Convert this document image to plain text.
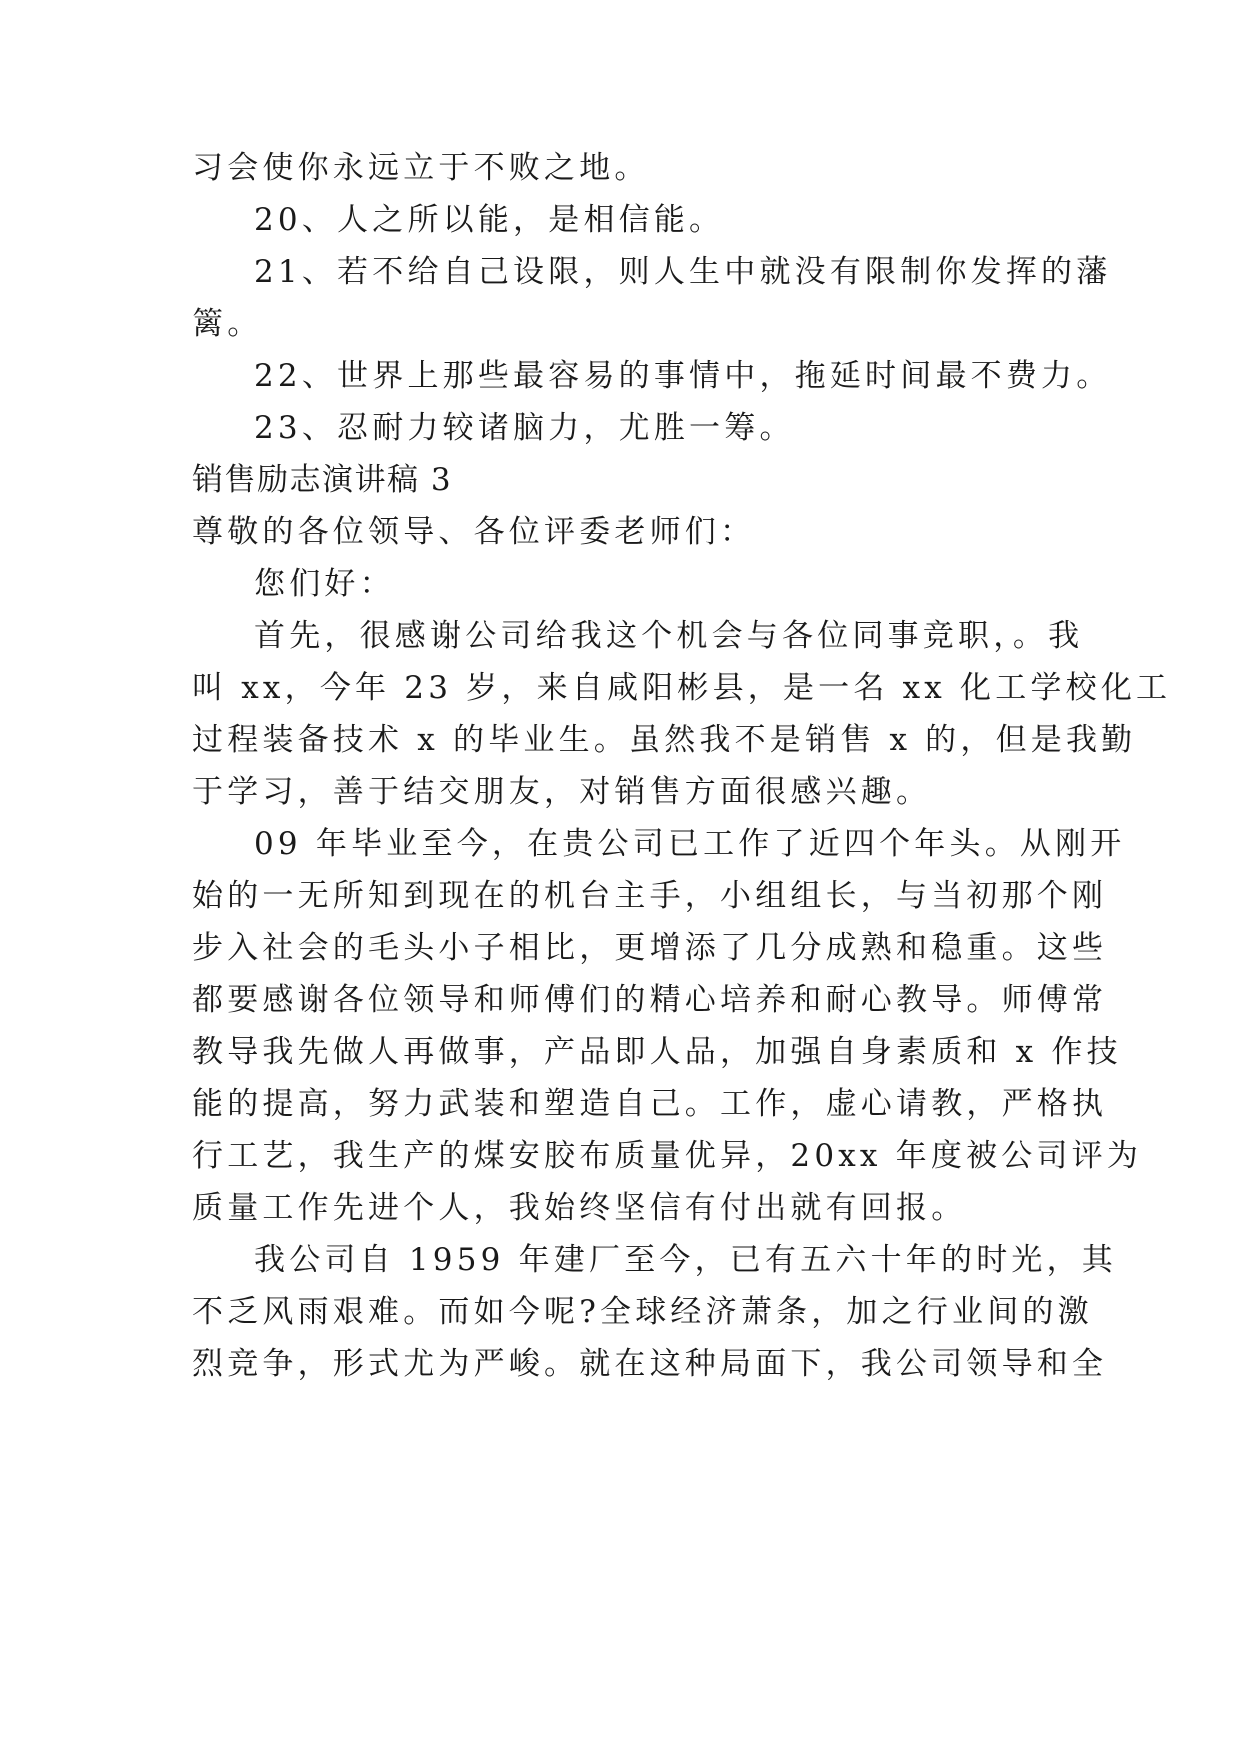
习会使你永远立于不败之地。
20、人之所以能，是相信能。
21、若不给自己设限，则人生中就没有限制你发挥的藩
篱。
22、世界上那些最容易的事情中，拖延时间最不费力。
23、忍耐力较诸脑力，尤胜一筹。
销售励志演讲稿 3
尊敬的各位领导、各位评委老师们：
您们好：
首先，很感谢公司给我这个机会与各位同事竞职，。我
叫 xx，今年 23 岁，来自咸阳彬县，是一名 xx 化工学校化工
过程装备技术 x 的毕业生。虽然我不是销售 x 的，但是我勤
于学习，善于结交朋友，对销售方面很感兴趣。
09 年毕业至今，在贵公司已工作了近四个年头。从刚开
始的一无所知到现在的机台主手，小组组长，与当初那个刚
步入社会的毛头小子相比，更增添了几分成熟和稳重。这些
都要感谢各位领导和师傅们的精心培养和耐心教导。师傅常
教导我先做人再做事，产品即人品，加强自身素质和 x 作技
能的提高，努力武装和塑造自己。工作，虚心请教，严格执
行工艺，我生产的煤安胶布质量优异，20xx 年度被公司评为
质量工作先进个人，我始终坚信有付出就有回报。
我公司自 1959 年建厂至今，已有五六十年的时光，其
不乏风雨艰难。而如今呢?全球经济萧条，加之行业间的激
烈竞争，形式尤为严峻。就在这种局面下，我公司领导和全
